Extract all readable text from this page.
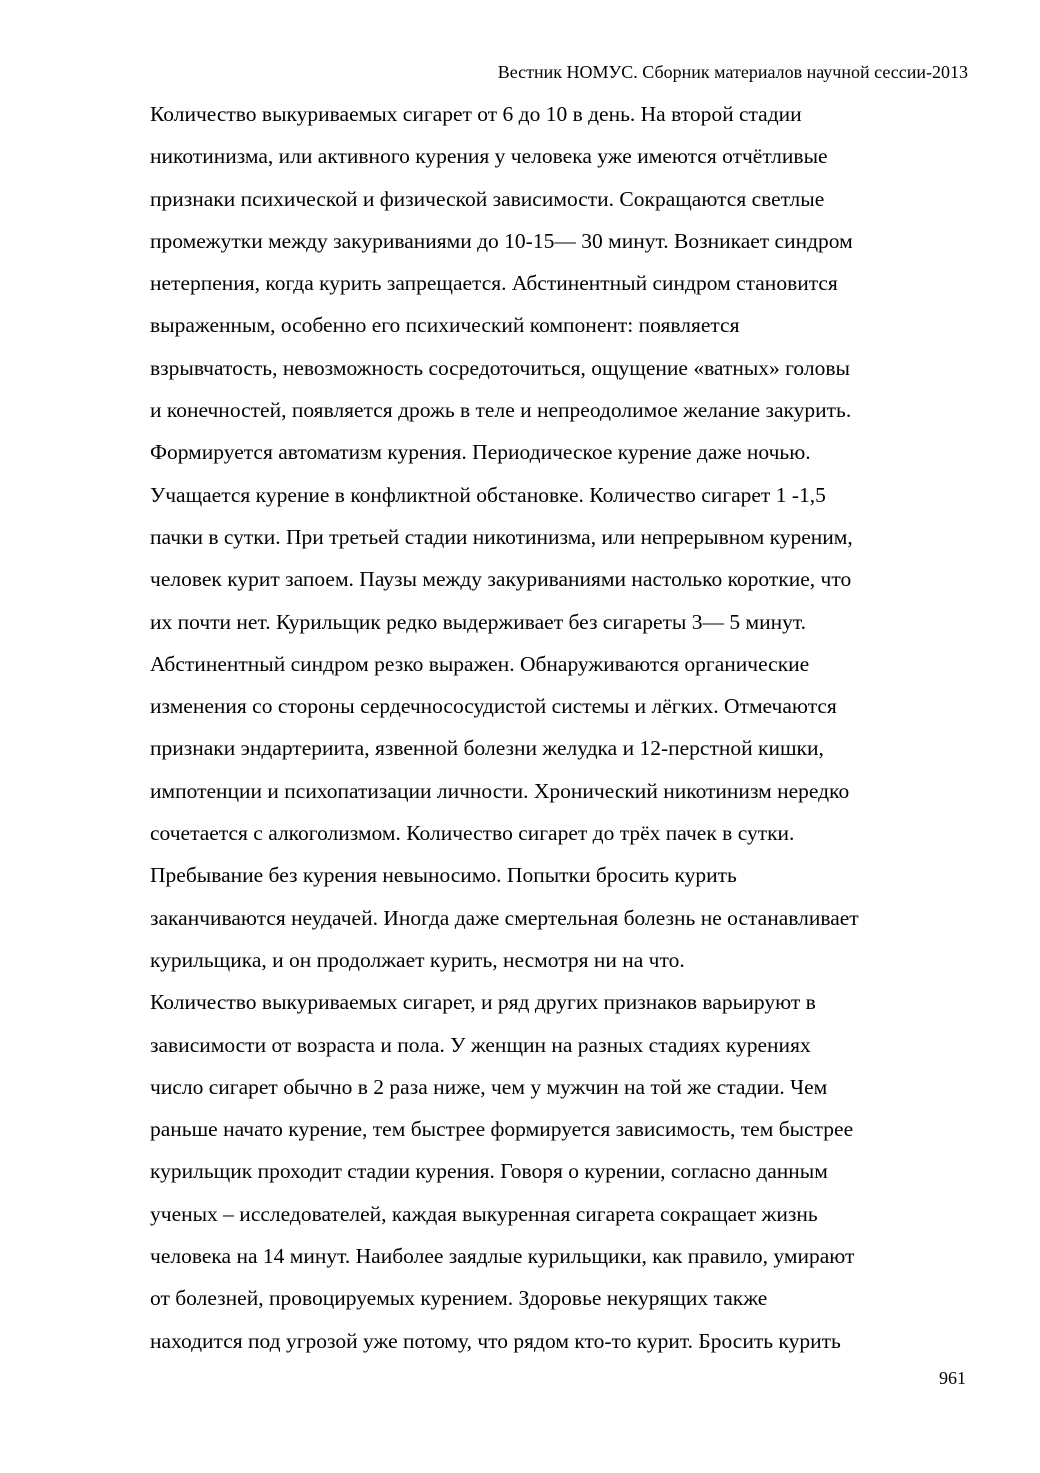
Вестник НОМУС. Сборник материалов научной сессии-2013
Количество выкуриваемых сигарет от 6 до 10 в день. На второй стадии
никотинизма, или активного курения у человека уже имеются отчётливые
признаки психической и физической зависимости. Сокращаются светлые
промежутки между закуриваниями до 10-15— 30 минут. Возникает синдром
нетерпения, когда курить запрещается. Абстинентный синдром становится
выраженным, особенно его психический компонент: появляется
взрывчатость, невозможность сосредоточиться, ощущение «ватных» головы
и конечностей, появляется дрожь в теле и непреодолимое желание закурить.
Формируется автоматизм курения. Периодическое курение даже ночью.
Учащается курение в конфликтной обстановке. Количество сигарет 1 -1,5
пачки в сутки. При третьей стадии никотинизма, или непрерывном куреним,
человек курит запоем. Паузы между закуриваниями настолько короткие, что
их почти нет. Курильщик редко выдерживает без сигареты 3— 5 минут.
Абстинентный синдром резко выражен. Обнаруживаются органические
изменения со стороны сердечнососудистой системы и лёгких. Отмечаются
признаки эндартериита, язвенной болезни желудка и 12-перстной кишки,
импотенции и психопатизации личности. Хронический никотинизм нередко
сочетается с алкоголизмом. Количество сигарет до трёх пачек в сутки.
Пребывание без курения невыносимо. Попытки бросить курить
заканчиваются неудачей. Иногда даже смертельная болезнь не останавливает
курильщика, и он продолжает курить, несмотря ни на что.
Количество выкуриваемых сигарет, и ряд других признаков варьируют в
зависимости от возраста и пола. У женщин на разных стадиях курениях
число сигарет обычно в 2 раза ниже, чем у мужчин на той же стадии. Чем
раньше начато курение, тем быстрее формируется зависимость, тем быстрее
курильщик проходит стадии курения. Говоря о курении, согласно данным
ученых – исследователей, каждая выкуренная сигарета сокращает жизнь
человека на 14 минут. Наиболее заядлые курильщики, как правило, умирают
от болезней, провоцируемых курением. Здоровье некурящих также
находится под угрозой уже потому, что рядом кто-то курит. Бросить курить
961
